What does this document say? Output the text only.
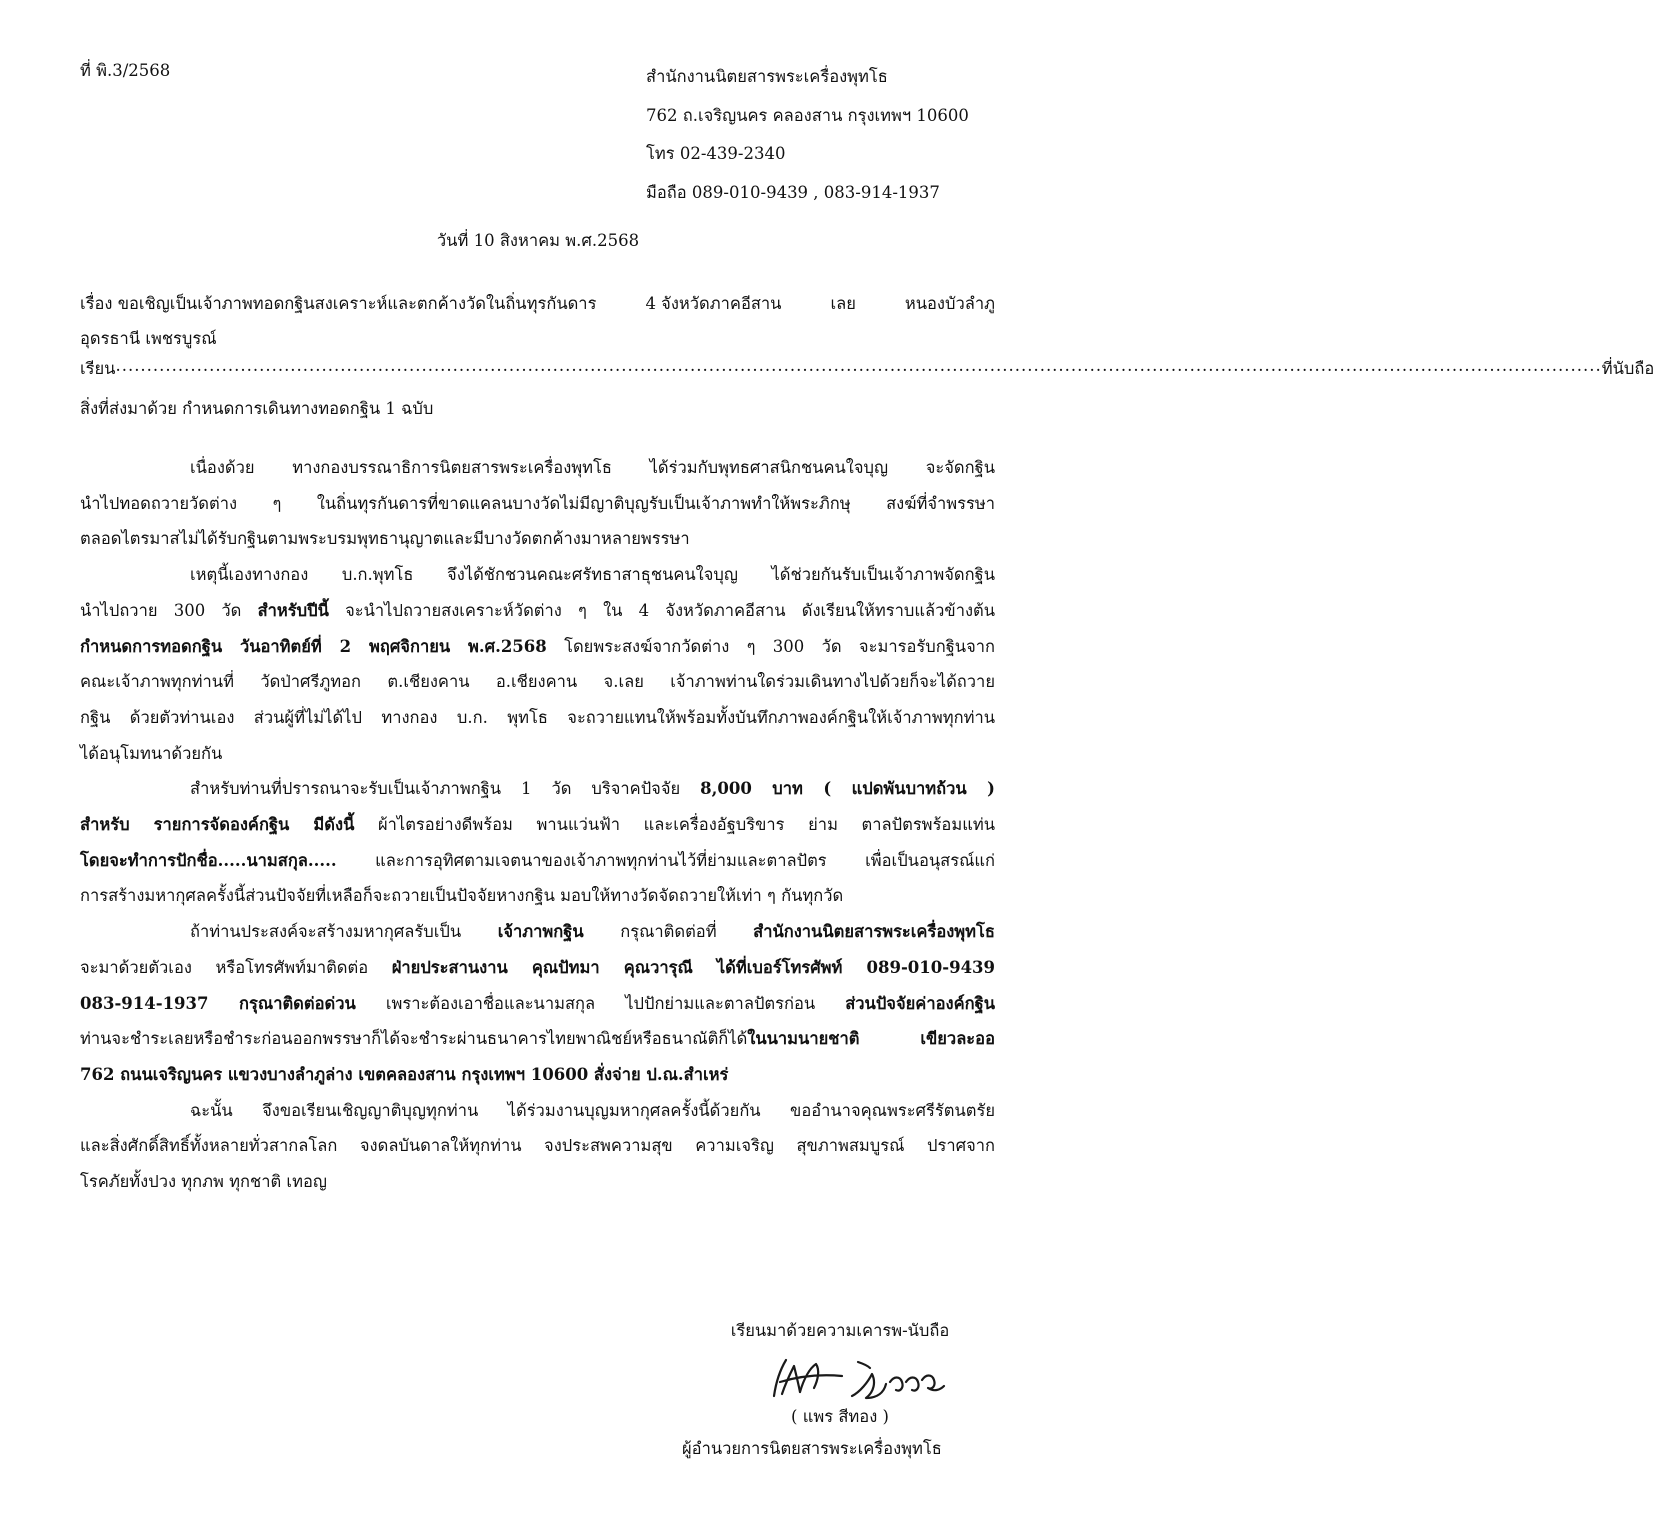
ที่ พิ.3/2568	สำนักงานนิตยสารพระเครื่องพุทโธ
762 ถ.เจริญนคร คลองสาน กรุงเทพฯ 10600
โทร 02-439-2340
มือถือ 089-010-9439 , 083-914-1937
วันที่ 10 สิงหาคม พ.ศ.2568
เรื่อง ขอเชิญเป็นเจ้าภาพทอดกฐินสงเคราะห์และตกค้างวัดในถิ่นทุรกันดาร	4 จังหวัดภาคอีสาน	เลย	หนองบัวลำภู
อุดรธานี เพชรบูรณ์
เรียน .............................................................................................................................................................................................................................................. ที่นับถือ
สิ่งที่ส่งมาด้วย กำหนดการเดินทางทอดกฐิน 1 ฉบับ

เนื่องด้วย ทางกองบรรณาธิการนิตยสารพระเครื่องพุทโธ ได้ร่วมกับพุทธศาสนิกชนคนใจบุญ จะจัดกฐิน
นำไปทอดถวายวัดต่าง ๆ ในถิ่นทุรกันดารที่ขาดแคลนบางวัดไม่มีญาติบุญรับเป็นเจ้าภาพทำให้พระภิกษุ สงฆ์ที่จำพรรษา
ตลอดไตรมาสไม่ได้รับกฐินตามพระบรมพุทธานุญาตและมีบางวัดตกค้างมาหลายพรรษา

เหตุนี้เองทางกอง บ.ก.พุทโธ จึงได้ชักชวนคณะศรัทธาสาธุชนคนใจบุญ ได้ช่วยกันรับเป็นเจ้าภาพจัดกฐิน
นำไปถวาย 300 วัด สำหรับปีนี้ จะนำไปถวายสงเคราะห์วัดต่าง ๆ ใน 4 จังหวัดภาคอีสาน ดังเรียนให้ทราบแล้วข้างต้น
กำหนดการทอดกฐิน วันอาทิตย์ที่ 2 พฤศจิกายน พ.ศ.2568 โดยพระสงฆ์จากวัดต่าง ๆ 300 วัด จะมารอรับกฐินจาก
คณะเจ้าภาพทุกท่านที่ วัดป่าศรีภูทอก ต.เชียงคาน อ.เชียงคาน จ.เลย เจ้าภาพท่านใดร่วมเดินทางไปด้วยก็จะได้ถวาย
กฐิน ด้วยตัวท่านเอง ส่วนผู้ที่ไม่ได้ไป ทางกอง บ.ก. พุทโธ จะถวายแทนให้พร้อมทั้งบันทึกภาพองค์กฐินให้เจ้าภาพทุกท่าน
ได้อนุโมทนาด้วยกัน

สำหรับท่านที่ปรารถนาจะรับเป็นเจ้าภาพกฐิน 1 วัด บริจาคปัจจัย 8,000 บาท ( แปดพันบาทถ้วน )
สำหรับ รายการจัดองค์กฐิน มีดังนี้ ผ้าไตรอย่างดีพร้อม พานแว่นฟ้า และเครื่องอัฐบริขาร ย่าม ตาลปัตรพร้อมแท่น
โดยจะทำการปักชื่อ.....นามสกุล..... และการอุทิศตามเจตนาของเจ้าภาพทุกท่านไว้ที่ย่ามและตาลปัตร เพื่อเป็นอนุสรณ์แก่
การสร้างมหากุศลครั้งนี้ส่วนปัจจัยที่เหลือก็จะถวายเป็นปัจจัยหางกฐิน มอบให้ทางวัดจัดถวายให้เท่า ๆ กันทุกวัด

ถ้าท่านประสงค์จะสร้างมหากุศลรับเป็น เจ้าภาพกฐิน กรุณาติดต่อที่ สำนักงานนิตยสารพระเครื่องพุทโธ
จะมาด้วยตัวเอง หรือโทรศัพท์มาติดต่อ ฝ่ายประสานงาน คุณปัทมา คุณวารุณี ได้ที่เบอร์โทรศัพท์ 089-010-9439
083-914-1937 กรุณาติดต่อด่วน เพราะต้องเอาชื่อและนามสกุล ไปปักย่ามและตาลปัตรก่อน ส่วนปัจจัยค่าองค์กฐิน
ท่านจะชำระเลยหรือชำระก่อนออกพรรษาก็ได้จะชำระผ่านธนาคารไทยพาณิชย์หรือธนาณัติก็ได้ในนามนายชาติ เขียวละออ
762 ถนนเจริญนคร แขวงบางลำภูล่าง เขตคลองสาน กรุงเทพฯ 10600 สั่งจ่าย ป.ณ.สำเหร่

ฉะนั้น จึงขอเรียนเชิญญาติบุญทุกท่าน ได้ร่วมงานบุญมหากุศลครั้งนี้ด้วยกัน ขออำนาจคุณพระศรีรัตนตรัย
และสิ่งศักดิ์สิทธิ์ทั้งหลายทั่วสากลโลก จงดลบันดาลให้ทุกท่าน จงประสพความสุข ความเจริญ สุขภาพสมบูรณ์ ปราศจาก
โรคภัยทั้งปวง ทุกภพ ทุกชาติ เทอญ

เรียนมาด้วยความเคารพ-นับถือ
( แพร สีทอง )
ผู้อำนวยการนิตยสารพระเครื่องพุทโธ
